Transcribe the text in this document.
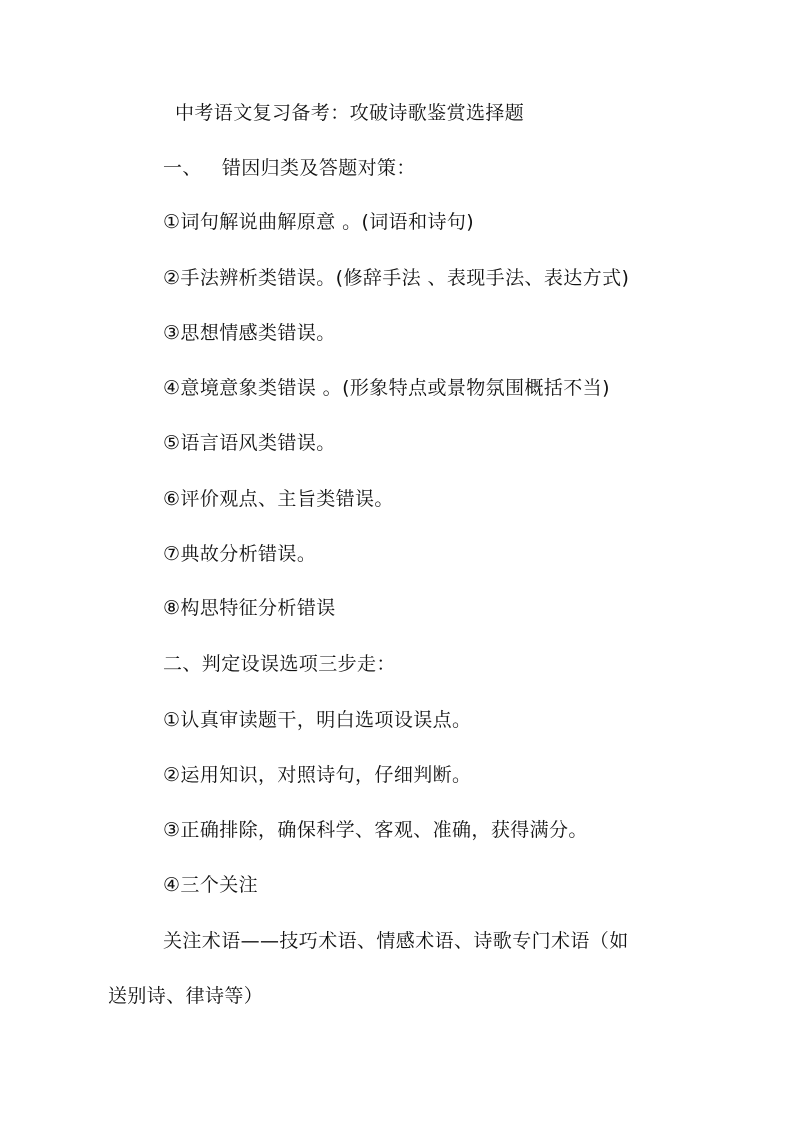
中考语文复习备考：攻破诗歌鉴赏选择题
一、 错因归类及答题对策：
①词句解说曲解原意 。(词语和诗句)
②手法辨析类错误。(修辞手法 、表现手法、表达方式)
③思想情感类错误。
④意境意象类错误 。(形象特点或景物氛围概括不当)
⑤语言语风类错误。
⑥评价观点、主旨类错误。
⑦典故分析错误。
⑧构思特征分析错误
二、判定设误选项三步走：
①认真审读题干，明白选项设误点。
②运用知识，对照诗句，仔细判断。
③正确排除，确保科学、客观、准确，获得满分。
④三个关注
关注术语——技巧术语、情感术语、诗歌专门术语（如
送别诗、律诗等）
